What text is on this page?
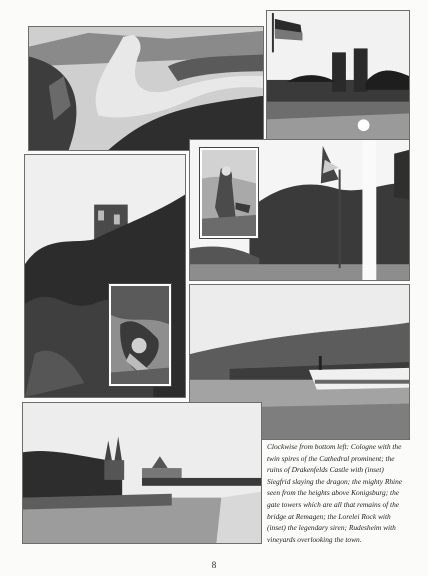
Clockwise from bottom left: Cologne with the twin spires of the Cathedral prominent; the ruins of Drakenfelds Castle with (inset) Siegfrid slaying the dragon; the mighty Rhine seen from the heights above Konigsburg; the gate towers which are all that remains of the bridge at Remagen; the Lorelei Rock with (inset) the legendary siren; Rudesheim with vineyards overlooking the town.

8
